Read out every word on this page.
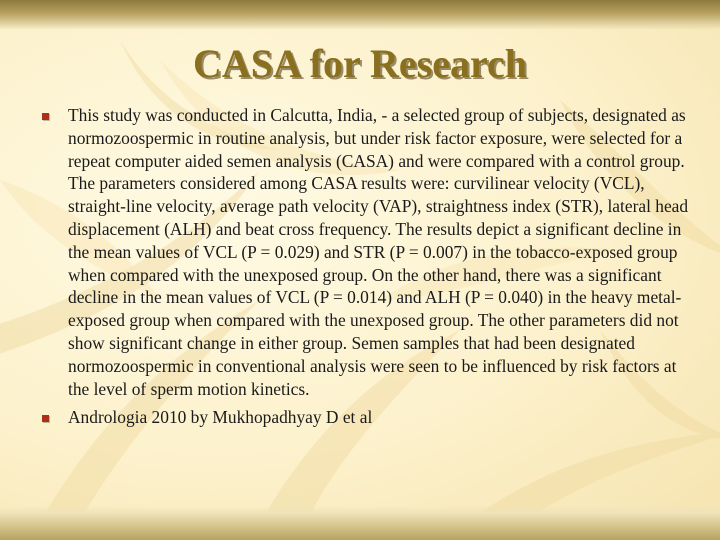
CASA for Research
This study was conducted in Calcutta, India, - a selected group of subjects, designated as normozoospermic in routine analysis, but under risk factor exposure, were selected for a repeat computer aided semen analysis (CASA) and were compared with a control group. The parameters considered among CASA results were: curvilinear velocity (VCL), straight-line velocity, average path velocity (VAP), straightness index (STR), lateral head displacement (ALH) and beat cross frequency. The results depict a significant decline in the mean values of VCL (P = 0.029) and STR (P = 0.007) in the tobacco-exposed group when compared with the unexposed group. On the other hand, there was a significant decline in the mean values of VCL (P = 0.014) and ALH (P = 0.040) in the heavy metal-exposed group when compared with the unexposed group. The other parameters did not show significant change in either group. Semen samples that had been designated normozoospermic in conventional analysis were seen to be influenced by risk factors at the level of sperm motion kinetics.
Andrologia 2010 by Mukhopadhyay D et al
